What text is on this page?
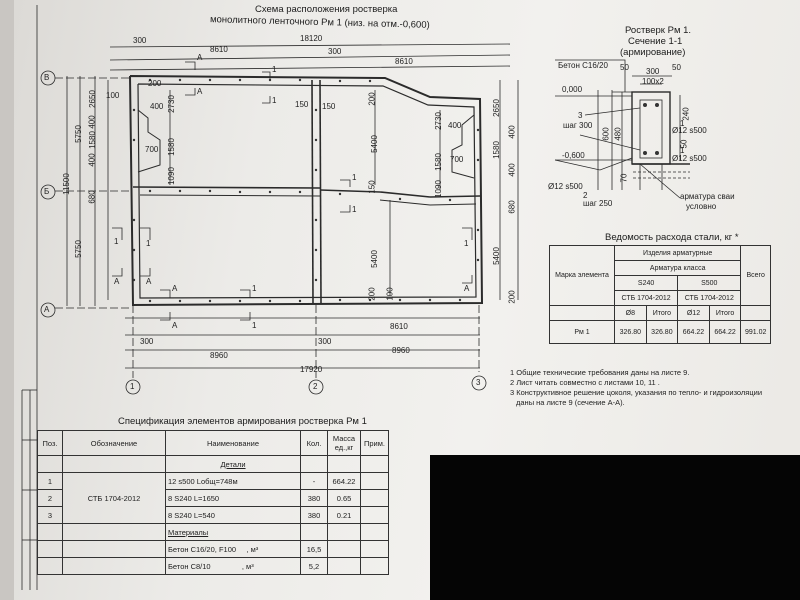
Схема расположения ростверка
монолитного ленточного Рм 1 (низ. на отм.-0,600)
300	18120
8610	300
8610
В
Б
А
1	2	3
11500
5750
5750
2650
400
1580
400
680
100
200
400 2730
700 1580
1090
150 150
200
5400
150
5400
200 100
2730 400
700
1580
1090
2650
400
1580
400
680
5400
200
А
А
1
1
1
1
1
А
1
А
1
А
А	1
А	1
300	300
8610
8960
8960
17920
Ростверк Рм 1.
Сечение 1-1
(армирование)
Бетон С16/20 50 300 50
100x2
0,000
3
шаг 300
600 480
240
50
1
Ø12 s500
1
Ø12 s500
-0,600
70
Ø12 s500
2
шаг 250
арматура сваи
условно
Ведомость расхода стали, кг *
Марка элемента	Изделия арматурные				Всего
	Арматура класса				
	S240		S500		
	СТБ 1704-2012		СТБ 1704-2012		
	Ø8	Итого	Ø12	Итого	
Рм 1	326.80	326.80	664.22	664.22	991.02
1 Общие технические требования даны на листе 9.
2 Лист читать совместно с листами 10, 11 .
3 Конструктивное решение цоколя, указания по тепло- и гидроизоляции
даны на листе 9 (сечение А-А).
Спецификация элементов армирования ростверка Рм 1
Поз.	Обозначение	Наименование	Кол.	Масса ед.,кг	Прим.
		Детали			
1	СТБ 1704-2012	12 s500 Lобщ=748м	-	664.22	
2		8 S240 L=1650	380	0.65	
3		8 S240 L=540	380	0.21	
		Материалы			
		Бетон С16/20, F100 , м³	16,5		
		Бетон С8/10 , м³	5,2		
